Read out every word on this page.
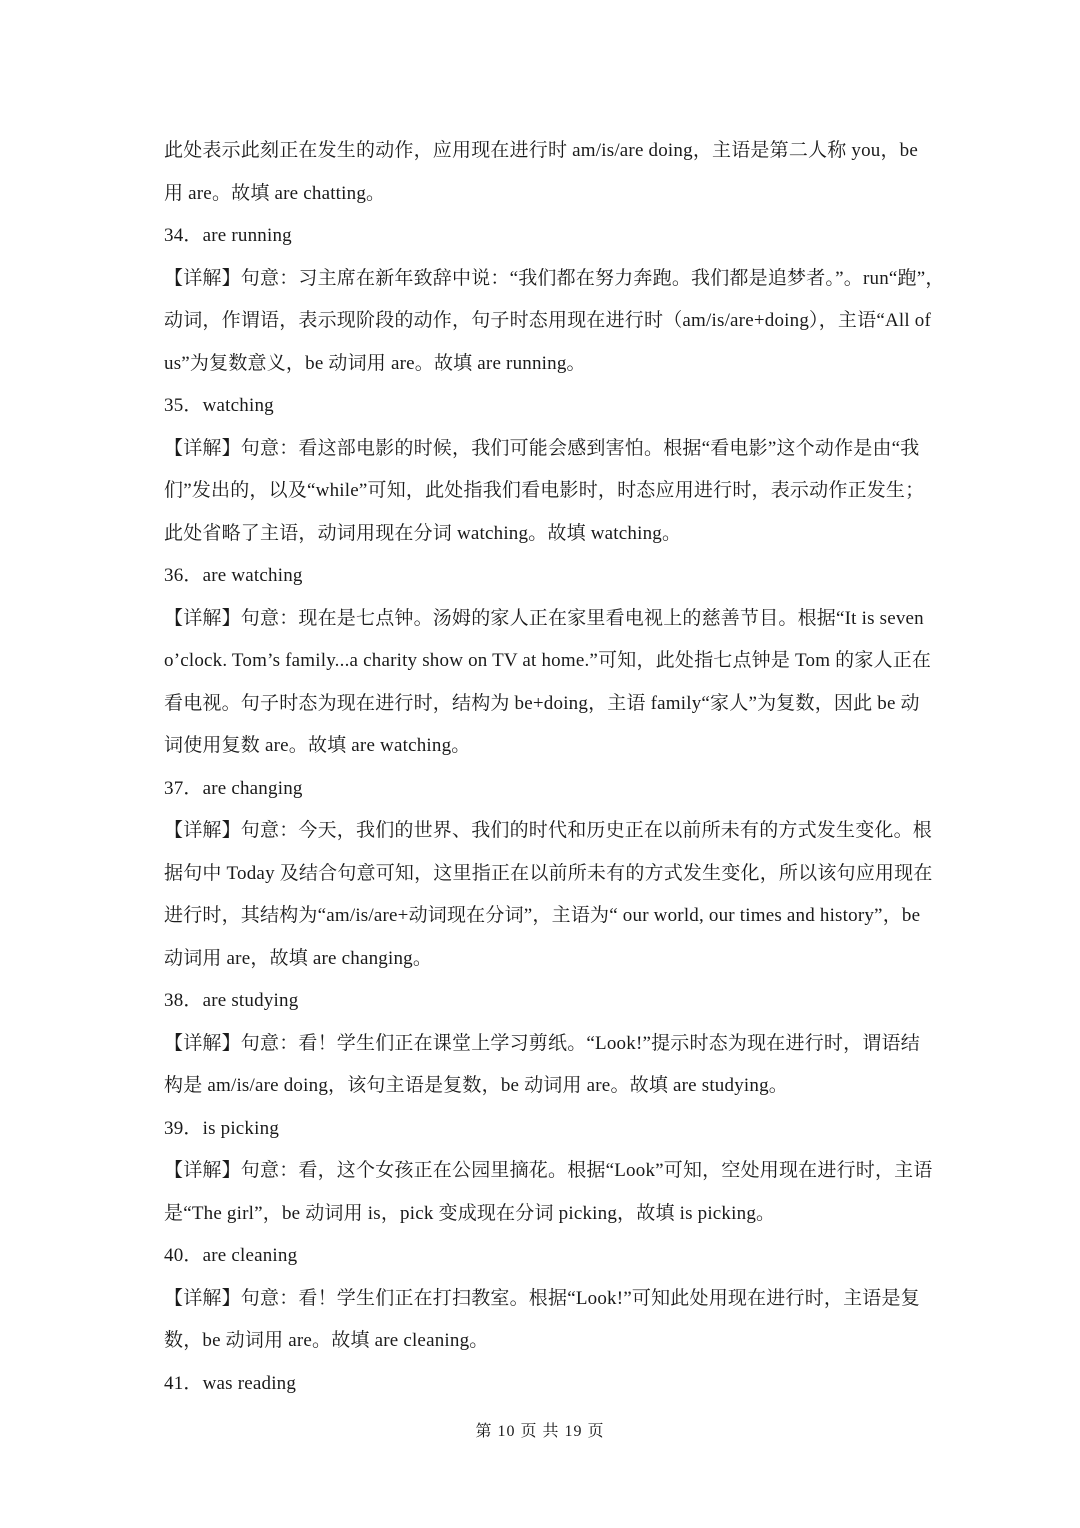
此处表示此刻正在发生的动作，应用现在进行时 am/is/are doing，主语是第二人称 you，be
用 are。故填 are chatting。
34．are running
【详解】句意：习主席在新年致辞中说：“我们都在努力奔跑。我们都是追梦者。”。run“跑”，
动词，作谓语，表示现阶段的动作，句子时态用现在进行时（am/is/are+doing），主语“All of
us”为复数意义，be 动词用 are。故填 are running。
35．watching
【详解】句意：看这部电影的时候，我们可能会感到害怕。根据“看电影”这个动作是由“我
们”发出的，以及“while”可知，此处指我们看电影时，时态应用进行时，表示动作正发生；
此处省略了主语，动词用现在分词 watching。故填 watching。
36．are watching
【详解】句意：现在是七点钟。汤姆的家人正在家里看电视上的慈善节目。根据“It is seven
o’clock. Tom’s family...a charity show on TV at home.”可知，此处指七点钟是 Tom 的家人正在
看电视。句子时态为现在进行时，结构为 be+doing，主语 family“家人”为复数，因此 be 动
词使用复数 are。故填 are watching。
37．are changing
【详解】句意：今天，我们的世界、我们的时代和历史正在以前所未有的方式发生变化。根
据句中 Today 及结合句意可知，这里指正在以前所未有的方式发生变化，所以该句应用现在
进行时，其结构为“am/is/are+动词现在分词”，主语为“ our world, our times and history”，be
动词用 are，故填 are changing。
38．are studying
【详解】句意：看！学生们正在课堂上学习剪纸。“Look!”提示时态为现在进行时，谓语结
构是 am/is/are doing，该句主语是复数，be 动词用 are。故填 are studying。
39．is picking
【详解】句意：看，这个女孩正在公园里摘花。根据“Look”可知，空处用现在进行时，主语
是“The girl”，be 动词用 is，pick 变成现在分词 picking，故填 is picking。
40．are cleaning
【详解】句意：看！学生们正在打扫教室。根据“Look!”可知此处用现在进行时，主语是复
数，be 动词用 are。故填 are cleaning。
41．was reading
第 10 页 共 19 页
